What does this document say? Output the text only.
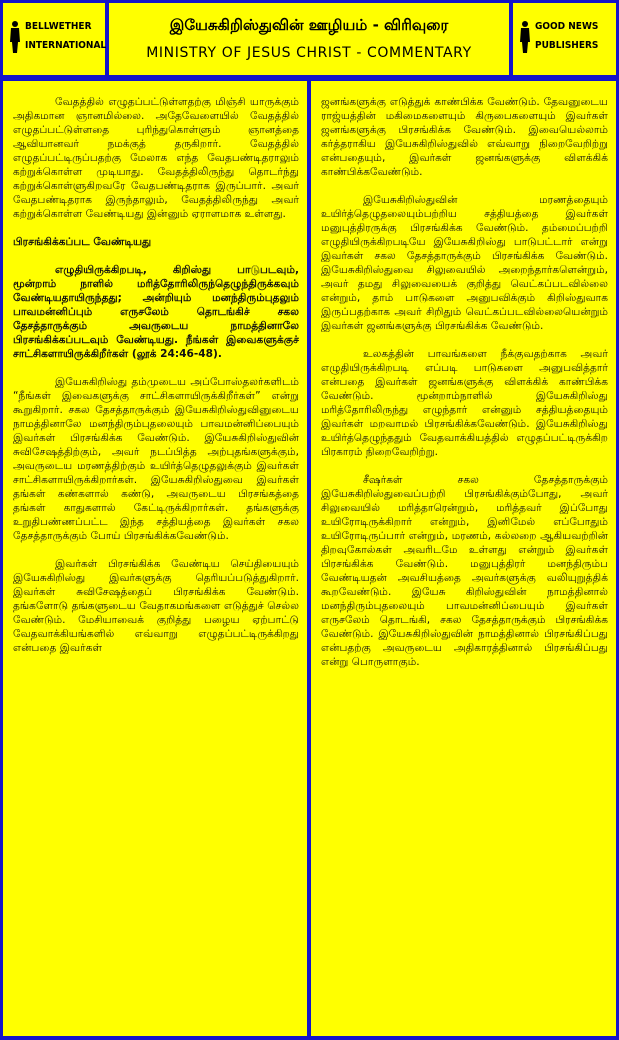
BELLWETHER
INTERNATIONAL
இயேசுகிறிஸ்துவின் ஊழியம் - விரிவுரை
MINISTRY OF JESUS CHRIST - COMMENTARY
GOOD NEWS
PUBLISHERS

வேதத்தில் எழுதப்பட்டுள்ளதற்கு மிஞ்சி யாருக்கும் அதிகமான ஞானமில்லை. அதேவேளையில் வேதத்தில் எழுதப்பட்டுள்ளதை புரிந்துகொள்ளும் ஞானத்தை ஆவியானவர் நமக்குத் தருகிறார். வேதத்தில் எழுதப்பட்டிருப்பதற்கு மேலாக எந்த வேதபண்டிதராலும் கற்றுக்கொள்ள முடியாது. வேதத்திலிருந்து தொடர்ந்து கற்றுக்கொள்ளுகிறவரே வேதபண்டிதராக இருப்பார். அவர் வேதபண்டிதராக இருந்தாலும், வேதத்திலிருந்து அவர் கற்றுக்கொள்ள வேண்டியது இன்னும் ஏராளமாக உள்ளது.

பிரசங்கிக்கப்பட வேண்டியது

எழுதியிருக்கிறபடி, கிறிஸ்து பாடுபடவும், மூன்றாம் நாளில் மரித்தோரிலிருந்தெழுந்திருக்கவும் வேண்டியதாயிருந்தது; அன்றியும் மனந்திரும்புதலும் பாவமன்னிப்பும் எருசலேம் தொடங்கிச் சகல தேசத்தாருக்கும் அவருடைய நாமத்தினாலே பிரசங்கிக்கப்படவும் வேண்டியது. நீங்கள் இவைகளுக்குச் சாட்சிகளாயிருக்கிறீர்கள் (லூக் 24:46-48).

இயேசுகிறிஸ்து தம்முடைய அப்போஸ்தலர்களிடம் “நீங்கள் இவைகளுக்கு சாட்சிகளாயிருக்கிறீர்கள்” என்று கூறுகிறார். சகல தேசத்தாருக்கும் இயேசுகிறிஸ்துவினுடைய நாமத்தினாலே மனந்திரும்புதலையும் பாவமன்னிப்பையும் இவர்கள் பிரசங்கிக்க வேண்டும். இயேசுகிறிஸ்துவின் சுவிசேஷத்திற்கும், அவர் நடப்பித்த அற்புதங்களுக்கும், அவருடைய மரணத்திற்கும் உயிர்த்தெழுதலுக்கும் இவர்கள் சாட்சிகளாயிருக்கிறார்கள். இயேசுகிறிஸ்துவை இவர்கள் தங்கள் கண்களால் கண்டு, அவருடைய பிரசங்கத்தை தங்கள் காதுகளால் கேட்டிருக்கிறார்கள். தங்களுக்கு உறுதிபண்ணப்பட்ட இந்த சத்தியத்தை இவர்கள் சகல தேசத்தாருக்கும் போய் பிரசங்கிக்கவேண்டும்.

இவர்கள் பிரசங்கிக்க வேண்டிய செய்தியையும் இயேசுகிறிஸ்து இவர்களுக்கு தெரியப்படுத்துகிறார். இவர்கள் சுவிசேஷத்தைப் பிரசங்கிக்க வேண்டும். தங்களோடு தங்களுடைய வேதாகமங்களை எடுத்துச் செல்ல வேண்டும். மேசியாவைக் குறித்து பழைய ஏற்பாட்டு வேதவாக்கியங்களில் எவ்வாறு எழுதப்பட்டிருக்கிறது என்பதை இவர்கள்

ஜனங்களுக்கு எடுத்துக் காண்பிக்க வேண்டும். தேவனுடைய ராஜ்யத்தின் மகிமைகளையும் கிருபைகளையும் இவர்கள் ஜனங்களுக்கு பிரசங்கிக்க வேண்டும். இவையெல்லாம் கர்த்தராகிய இயேசுகிறிஸ்துவில் எவ்வாறு நிறைவேறிற்று என்பதையும், இவர்கள் ஜனங்களுக்கு விளக்கிக் காண்பிக்கவேண்டும்.

இயேசுகிறிஸ்துவின் மரணத்தையும் உயிர்த்தெழுதலையும்பற்றிய சத்தியத்தை இவர்கள் மனுபுத்திரருக்கு பிரசங்கிக்க வேண்டும். தம்மைப்பற்றி எழுதியிருக்கிறபடியே இயேசுகிறிஸ்து பாடுபட்டார் என்று இவர்கள் சகல தேசத்தாருக்கும் பிரசங்கிக்க வேண்டும். இயேசுகிறிஸ்துவை சிலுவையில் அறைந்தார்களென்றும், அவர் தமது சிலுவையைக் குறித்து வெட்கப்படவில்லை என்றும், தாம் பாடுகளை அனுபவிக்கும் கிறிஸ்துவாக இருப்பதற்காக அவர் சிறிதும் வெட்கப்படவில்லையென்றும் இவர்கள் ஜனங்களுக்கு பிரசங்கிக்க வேண்டும்.

உலகத்தின் பாவங்களை நீக்குவதற்காக அவர் எழுதியிருக்கிறபடி எப்படி பாடுகளை அனுபவித்தார் என்பதை இவர்கள் ஜனங்களுக்கு விளக்கிக் காண்பிக்க வேண்டும். மூன்றாம்நாளில் இயேசுகிறிஸ்து மரித்தோரிலிருந்து எழுந்தார் என்னும் சத்தியத்தையும் இவர்கள் மறவாமல் பிரசங்கிக்கவேண்டும். இயேசுகிறிஸ்து உயிர்த்தெழுந்ததும் வேதவாக்கியத்தில் எழுதப்பட்டிருக்கிற பிரகாரம் நிறைவேறிற்று.

சீஷர்கள் சகல தேசத்தாருக்கும் இயேசுகிறிஸ்துவைப்பற்றி பிரசங்கிக்கும்போது, அவர் சிலுவையில் மரித்தாரென்றும், மரித்தவர் இப்போது உயிரோடிருக்கிறார் என்றும், இனிமேல் எப்போதும் உயிரோடிருப்பார் என்றும், மரணம், கல்லறை ஆகியவற்றின் திறவுகோல்கள் அவரிடமே உள்ளது என்றும் இவர்கள் பிரசங்கிக்க வேண்டும். மனுபுத்திரர் மனந்திரும்ப வேண்டியதன் அவசியத்தை அவர்களுக்கு வலியுறுத்திக் கூறவேண்டும். இயேசு கிறிஸ்துவின் நாமத்தினால் மனந்திரும்புதலையும் பாவமன்னிப்பையும் இவர்கள் எருசலேம் தொடங்கி, சகல தேசத்தாருக்கும் பிரசங்கிக்க வேண்டும். இயேசுகிறிஸ்துவின் நாமத்தினால் பிரசங்கிப்பது என்பதற்கு அவருடைய அதிகாரத்தினால் பிரசங்கிப்பது என்று பொருளாகும்.
